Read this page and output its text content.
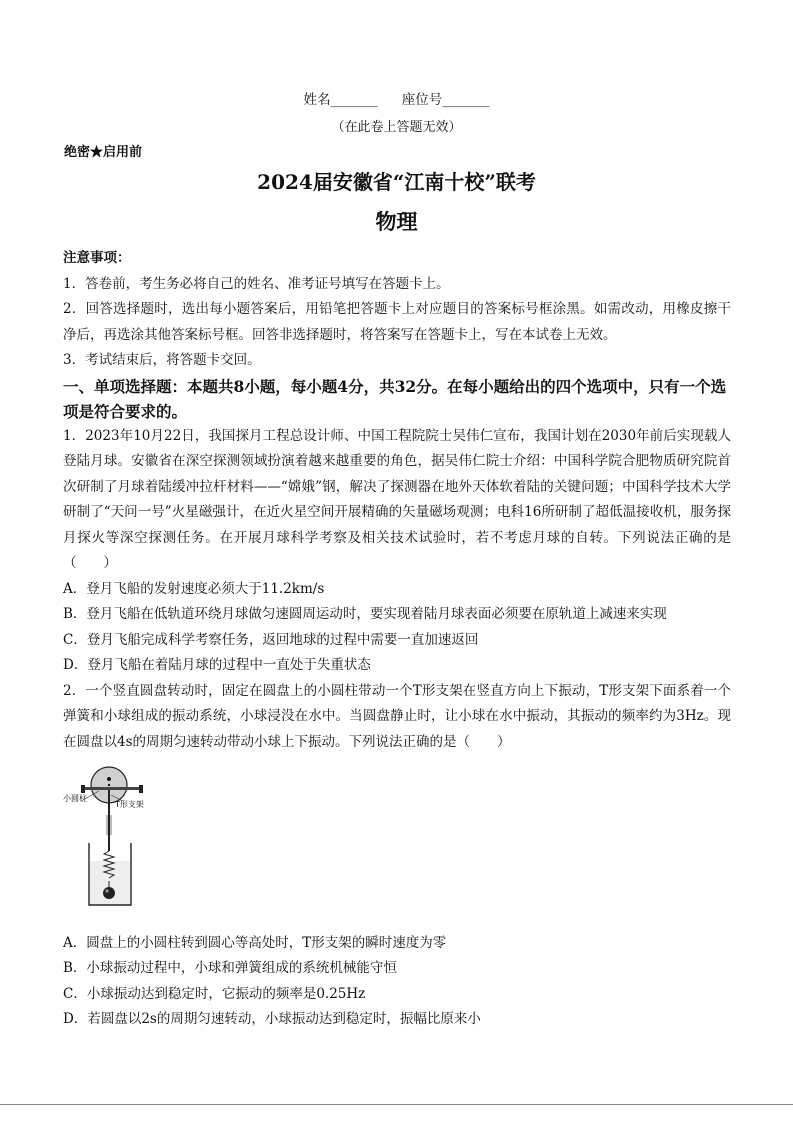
姓名_______ 座位号_______
（在此卷上答题无效）
绝密★启用前
2024届安徽省“江南十校”联考
物理

注意事项：

1．答卷前，考生务必将自己的姓名、准考证号填写在答题卡上。

2．回答选择题时，选出每小题答案后，用铅笔把答题卡上对应题目的答案标号框涂黑。如需改动，用橡皮擦干净后，再选涂其他答案标号框。回答非选择题时，将答案写在答题卡上，写在本试卷上无效。

3．考试结束后，将答题卡交回。

一、单项选择题：本题共8小题，每小题4分，共32分。在每小题给出的四个选项中，只有一个选项是符合要求的。

1．2023年10月22日，我国探月工程总设计师、中国工程院院士吴伟仁宣布，我国计划在2030年前后实现载人登陆月球。安徽省在深空探测领域扮演着越来越重要的角色，据吴伟仁院士介绍：中国科学院合肥物质研究院首次研制了月球着陆缓冲拉杆材料——“嫦娥”钢，解决了探测器在地外天体软着陆的关键问题；中国科学技术大学研制了“天问一号”火星磁强计，在近火星空间开展精确的矢量磁场观测；电科16所研制了超低温接收机，服务探月探火等深空探测任务。在开展月球科学考察及相关技术试验时，若不考虑月球的自转。下列说法正确的是（　　）

A．登月飞船的发射速度必须大于11.2km/s

B．登月飞船在低轨道环绕月球做匀速圆周运动时，要实现着陆月球表面必须要在原轨道上减速来实现

C．登月飞船完成科学考察任务，返回地球的过程中需要一直加速返回

D．登月飞船在着陆月球的过程中一直处于失重状态

2．一个竖直圆盘转动时，固定在圆盘上的小圆柱带动一个T形支架在竖直方向上下振动，T形支架下面系着一个弹簧和小球组成的振动系统，小球浸没在水中。当圆盘静止时，让小球在水中振动，其振动的频率约为3Hz。现在圆盘以4s的周期匀速转动带动小球上下振动。下列说法正确的是（　　）

小圆柱
T形支架

A．圆盘上的小圆柱转到圆心等高处时，T形支架的瞬时速度为零

B．小球振动过程中，小球和弹簧组成的系统机械能守恒

C．小球振动达到稳定时，它振动的频率是0.25Hz

D．若圆盘以2s的周期匀速转动，小球振动达到稳定时，振幅比原来小
